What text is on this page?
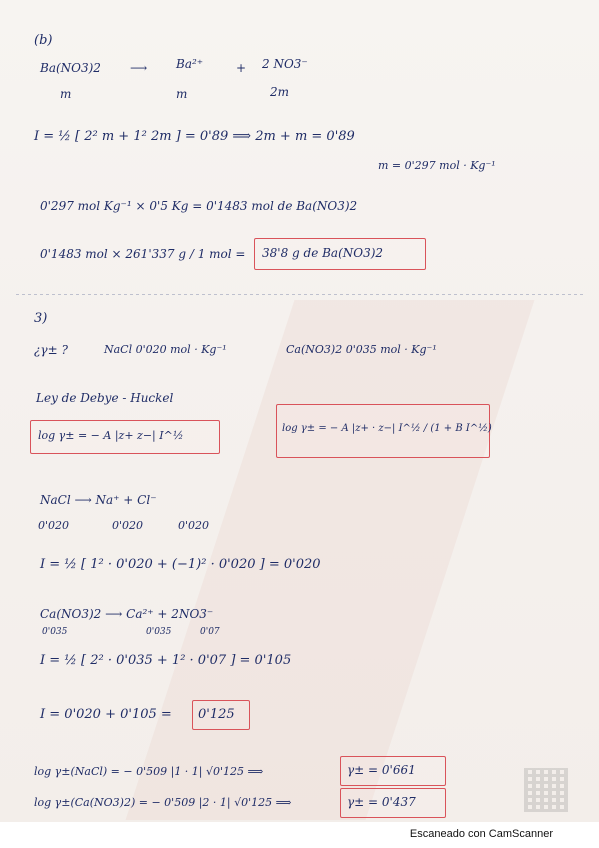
(b)
Ba(NO3)2 ⟶ Ba²⁺	+ 2 NO3⁻
m	m	2m
I = ½ [ 2² m + 1² 2m ] = 0'89 ⟹ 2m + m = 0'89
m = 0'297 mol · Kg⁻¹
0'297 mol Kg⁻¹ × 0'5 Kg = 0'1483 mol de Ba(NO3)2
0'1483 mol × 261'337 g / 1 mol = 38'8 g de Ba(NO3)2
3)
¿γ± ?	NaCl 0'020 mol · Kg⁻¹	Ca(NO3)2 0'035 mol · Kg⁻¹
Ley de Debye - Huckel
log γ± = − A |z+ z−| I^½
log γ± = − A |z+ · z−| I^½ / (1 + B I^½)
NaCl ⟶ Na⁺ + Cl⁻
0'020	0'020	0'020
I = ½ [ 1² · 0'020 + (−1)² · 0'020 ] = 0'020
Ca(NO3)2 ⟶ Ca²⁺ + 2NO3⁻
0'035	0'035	0'07
I = ½ [ 2² · 0'035 + 1² · 0'07 ] = 0'105
I = 0'020 + 0'105 = 0'125
log γ±(NaCl) = − 0'509 |1 · 1| √0'125 ⟹	γ± = 0'661
log γ±(Ca(NO3)2) = − 0'509 |2 · 1| √0'125 ⟹	γ± = 0'437
Escaneado con CamScanner
